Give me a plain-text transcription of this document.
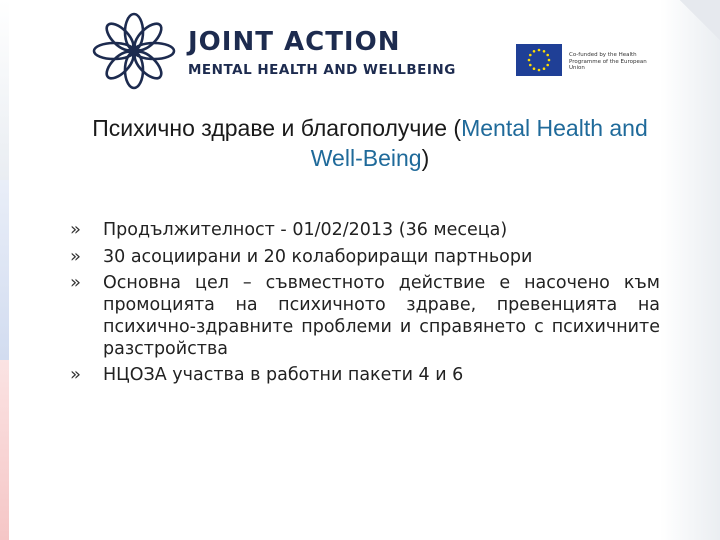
JOINT ACTION
MENTAL HEALTH AND WELLBEING
Co-funded by the Health Programme of the European Union
Психично здраве и благополучие (Mental Health and Well-Being)
» Продължителност - 01/02/2013 (36 месеца)
» 30 асоциирани и 20 колабориращи партньори
» Основна цел – съвместното действие е насочено към промоцията на психичното здраве, превенцията на психично-здравните проблеми и справянето с психичните разстройства
» НЦОЗА участва в работни пакети 4 и 6
